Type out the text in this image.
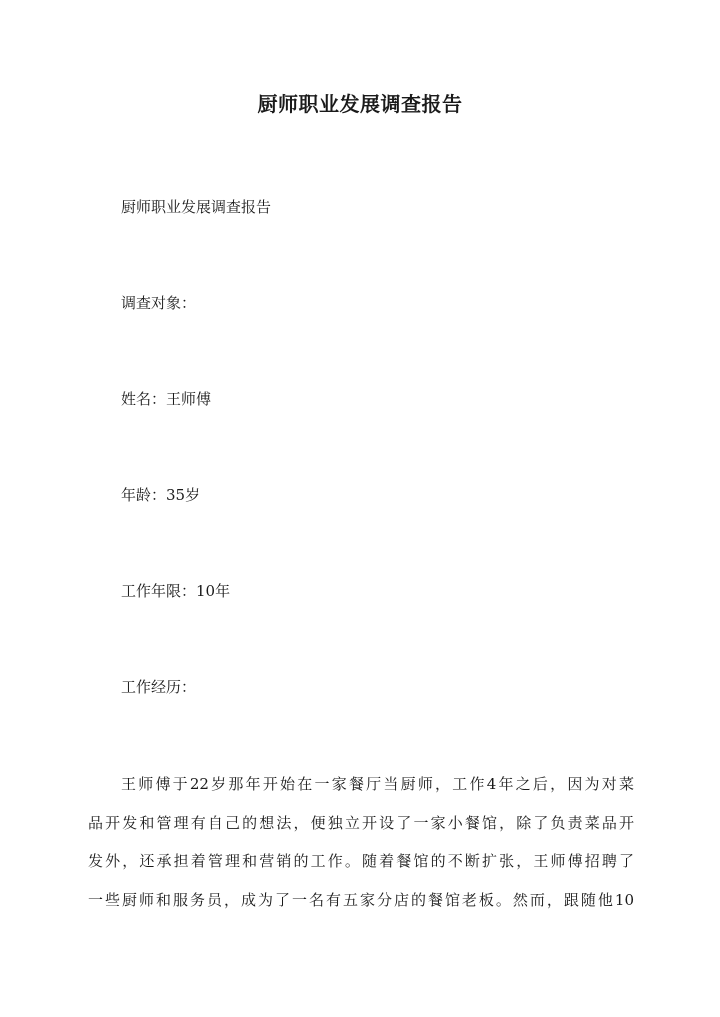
厨师职业发展调查报告

厨师职业发展调查报告

调查对象：

姓名：王师傅

年龄：35岁

工作年限：10年

工作经历：

王师傅于22岁那年开始在一家餐厅当厨师，工作4年之后，因为对菜
品开发和管理有自己的想法，便独立开设了一家小餐馆，除了负责菜品开
发外，还承担着管理和营销的工作。随着餐馆的不断扩张，王师傅招聘了
一些厨师和服务员，成为了一名有五家分店的餐馆老板。然而，跟随他10
